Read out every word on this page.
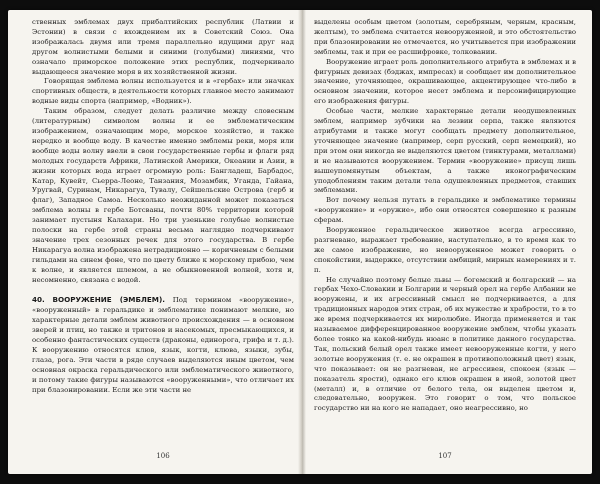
ственных эмблемах двух прибалтийских республик (Латвии и Эстонии) в связи с вхождением их в Советский Союз. Она изображалась двумя или тремя параллельно идущими друг над другом волнистыми белыми и синими (голубыми) линиями, что означало приморское положение этих республик, подчеркивало выдающееся значение моря в их хозяйственной жизни.

Говорящая эмблема волны используется и в «гербах» или значках спортивных обществ, в деятельности которых главное место занимают водные виды спорта (например, «Водник»).

Таким образом, следует делать различие между словесным (литературным) символом волны и ее эмблематическим изображением, означающим море, морское хозяйство, и также нередко и вообще воду. В качестве именно эмблемы реки, моря или вообще воды волну ввели в свои государственные гербы и флаги ряд молодых государств Африки, Латинской Америки, Океании и Азии, в жизни которых вода играет огромную роль: Бангладеш, Барбадос, Катар, Кувейт, Сьерра-Леоне, Танзания, Мозамбик, Уганда, Гайана, Уругвай, Суринам, Никарагуа, Тувалу, Сейшельские Острова (герб и флаг), Западное Самоа. Несколько неожиданной может показаться эмблема волны в гербе Ботсваны, почти 80% территории которой занимает пустыня Калахари. Но три узенькие голубые волнистые полоски на гербе этой страны весьма наглядно подчеркивают значение трех сезонных речек для этого государства. В гербе Никарагуа волна изображена нетрадиционно — коричневым с белыми гильдами на синем фоне, что по цвету ближе к морскому прибою, чем к волне, и является шлемом, а не обыкновенной волной, хотя и, несомненно, связана с водой.

40. ВООРУЖЕНИЕ (ЭМБЛЕМ). Под термином «вооружение», «вооруженный» в геральдике и эмблематике понимают мелкие, но характерные детали эмблем животного происхождения — в основном зверей и птиц, но также и тритонов и насекомых, пресмыкающихся, и особенно фантастических существ (драконы, единорога, грифа и т. д.). К вооружению относятся клюв, язык, когти, клюва, языки, зубы, глаза, рога. Эти части в ряде случаев выделяются иным цветом, чем основная окраска геральдического или эмблематического животного, и потому такие фигуры называются «вооруженными», что отличает их при блазонировании. Если же эти части не

106

выделены особым цветом (золотым, серебряным, черным, красным, желтым), то эмблема считается невооруженной, и это обстоятельство при блазонировании не отмечается, но учитывается при изображении эмблемы, так и при ее расшифровке, толковании.

Вооружение играет роль дополнительного атрибута в эмблемах и в фигурных девизах (бэджах, импресах) и сообщает им дополнительное значение, уточняющее, окрашивающее, акцентирующее что-либо в основном значении, которое несет эмблема и персонифицирующие его изображения фигуры.

Особые части, мелкие характерные детали неодушевленных эмблем, например зубчики на лезвии серпа, также являются атрибутами и также могут сообщать предмету дополнительное, уточняющее значение (например, серп русский, серп немецкий), но при этом они никогда не выделяются цветом (тинктурами, металлами) и не называются вооружением. Термин «вооружение» присущ лишь вышеупомянутым объектам, а также иконографическим уподоблениям таким детали тела одушевленных предметов, ставших эмблемами.

Вот почему нельзя путать в геральдике и эмблематике термины «вооружение» и «оружие», ибо они относятся совершенно к разным сферам.

Вооруженное геральдическое животное всегда агрессивно, разгневано, выражает требование, наступательно, в то время как то же самое изображение, но невооруженное может говорить о спокойствии, выдержке, отсутствии амбиций, мирных намерениях и т. п.

Не случайно поэтому белые львы — богемский и болгарский — на гербах Чехо-Словакии и Болгарии и черный орел на гербе Албании не вооружены, и их агрессивный смысл не подчеркивается, а для традиционных народов этих стран, об их мужестве и храбрости, то в то же время подчеркивается их миролюбие. Иногда применяется и так называемое дифференцированное вооружение эмблем, чтобы указать более тонко на какой-нибудь нюанс в политике данного государства. Так, польский белый орел также имеет невооруженные когти, у него золотые вооружения (т. е. не окрашен в противоположный цвет) язык, что показывает: он не разгневан, не агрессивен, спокоен (язык — показатель ярости), однако его клюв окрашен в иной, золотой цвет (металл) и, в отличие от белого тела, он выделен цветом и, следовательно, вооружен. Это говорит о том, что польское государство ни на кого не нападает, оно неагрессивно, но

107
